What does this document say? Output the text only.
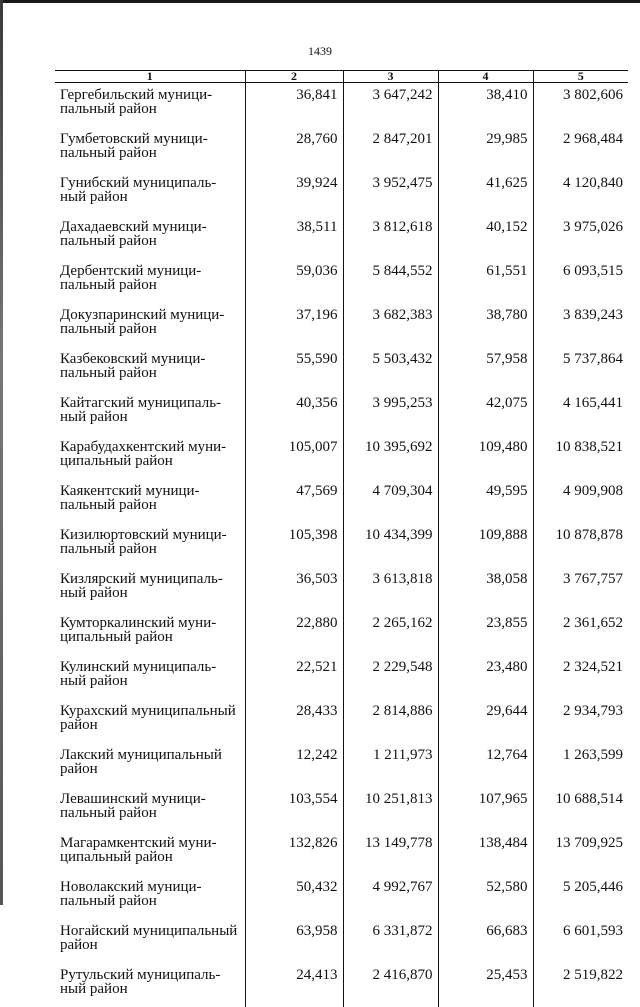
1439
1	2	3	4	5
Гергебильский муници-
пальный район	36,841	3 647,242	38,410	3 802,606
Гумбетовский муници-
пальный район	28,760	2 847,201	29,985	2 968,484
Гунибский муниципаль-
ный район	39,924	3 952,475	41,625	4 120,840
Дахадаевский муници-
пальный район	38,511	3 812,618	40,152	3 975,026
Дербентский муници-
пальный район	59,036	5 844,552	61,551	6 093,515
Докузпаринский муници-
пальный район	37,196	3 682,383	38,780	3 839,243
Казбековский муници-
пальный район	55,590	5 503,432	57,958	5 737,864
Кайтагский муниципаль-
ный район	40,356	3 995,253	42,075	4 165,441
Карабудахкентский муни-
ципальный район	105,007	10 395,692	109,480	10 838,521
Каякентский муници-
пальный район	47,569	4 709,304	49,595	4 909,908
Кизилюртовский муници-
пальный район	105,398	10 434,399	109,888	10 878,878
Кизлярский муниципаль-
ный район	36,503	3 613,818	38,058	3 767,757
Кумторкалинский муни-
ципальный район	22,880	2 265,162	23,855	2 361,652
Кулинский муниципаль-
ный район	22,521	2 229,548	23,480	2 324,521
Курахский муниципальный
район	28,433	2 814,886	29,644	2 934,793
Лакский муниципальный
район	12,242	1 211,973	12,764	1 263,599
Левашинский муници-
пальный район	103,554	10 251,813	107,965	10 688,514
Магарамкентский муни-
ципальный район	132,826	13 149,778	138,484	13 709,925
Новолакский муници-
пальный район	50,432	4 992,767	52,580	5 205,446
Ногайский муниципальный
район	63,958	6 331,872	66,683	6 601,593
Рутульский муниципаль-
ный район	24,413	2 416,870	25,453	2 519,822
